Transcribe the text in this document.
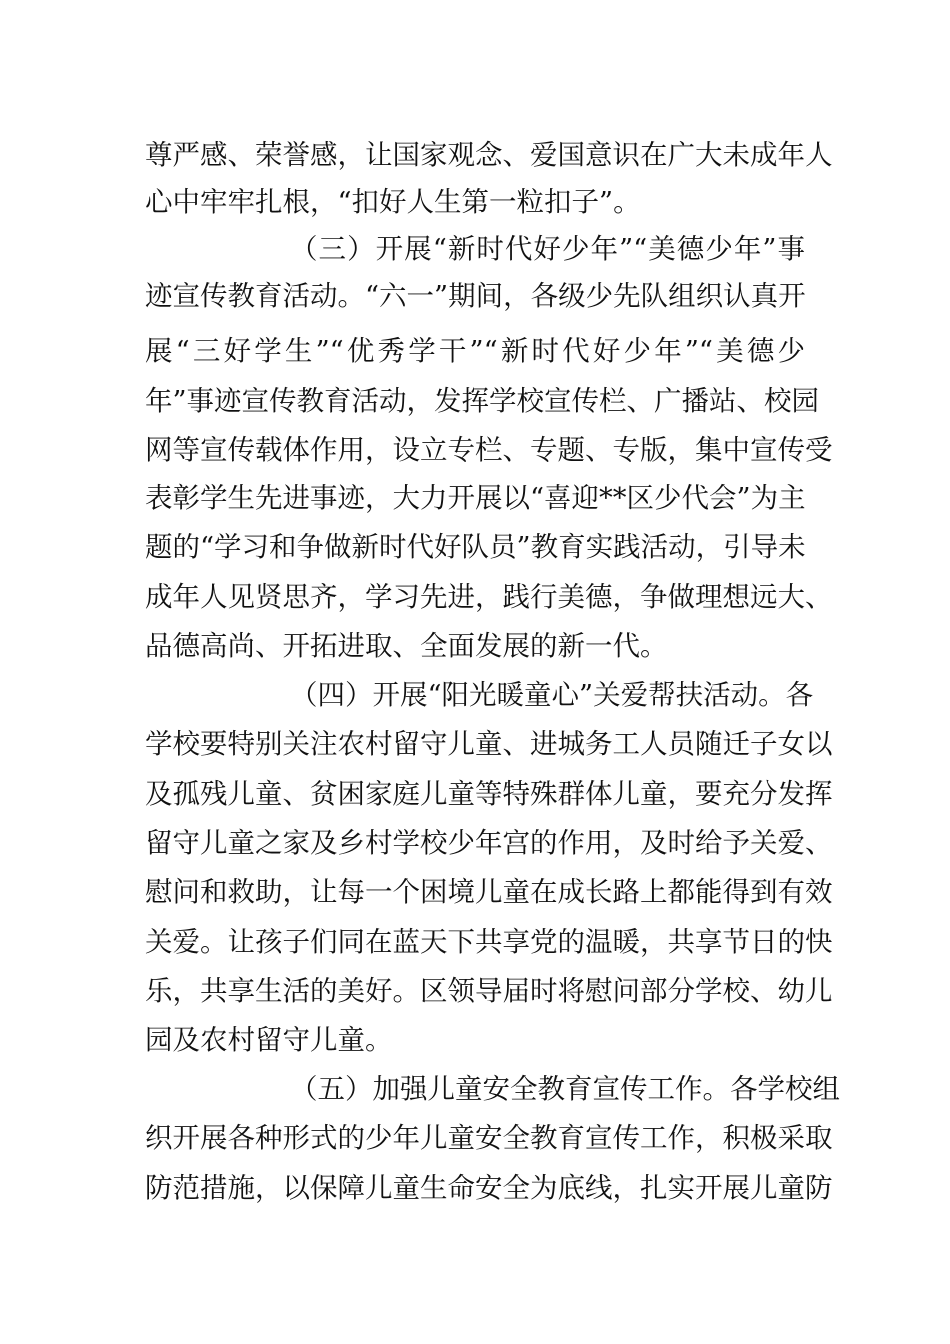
尊严感、荣誉感，让国家观念、爱国意识在广大未成年人
心中牢牢扎根，“扣好人生第一粒扣子”。
（三）开展“新时代好少年”“美德少年”事
迹宣传教育活动。“六一”期间，各级少先队组织认真开
展“三好学生”“优秀学干”“新时代好少年”“美德少
年”事迹宣传教育活动，发挥学校宣传栏、广播站、校园
网等宣传载体作用，设立专栏、专题、专版，集中宣传受
表彰学生先进事迹，大力开展以“喜迎**区少代会”为主
题的“学习和争做新时代好队员”教育实践活动，引导未
成年人见贤思齐，学习先进，践行美德，争做理想远大、
品德高尚、开拓进取、全面发展的新一代。
（四）开展“阳光暖童心”关爱帮扶活动。各
学校要特别关注农村留守儿童、进城务工人员随迁子女以
及孤残儿童、贫困家庭儿童等特殊群体儿童，要充分发挥
留守儿童之家及乡村学校少年宫的作用，及时给予关爱、
慰问和救助，让每一个困境儿童在成长路上都能得到有效
关爱。让孩子们同在蓝天下共享党的温暖，共享节日的快
乐，共享生活的美好。区领导届时将慰问部分学校、幼儿
园及农村留守儿童。
（五）加强儿童安全教育宣传工作。各学校组
织开展各种形式的少年儿童安全教育宣传工作，积极采取
防范措施，以保障儿童生命安全为底线，扎实开展儿童防
